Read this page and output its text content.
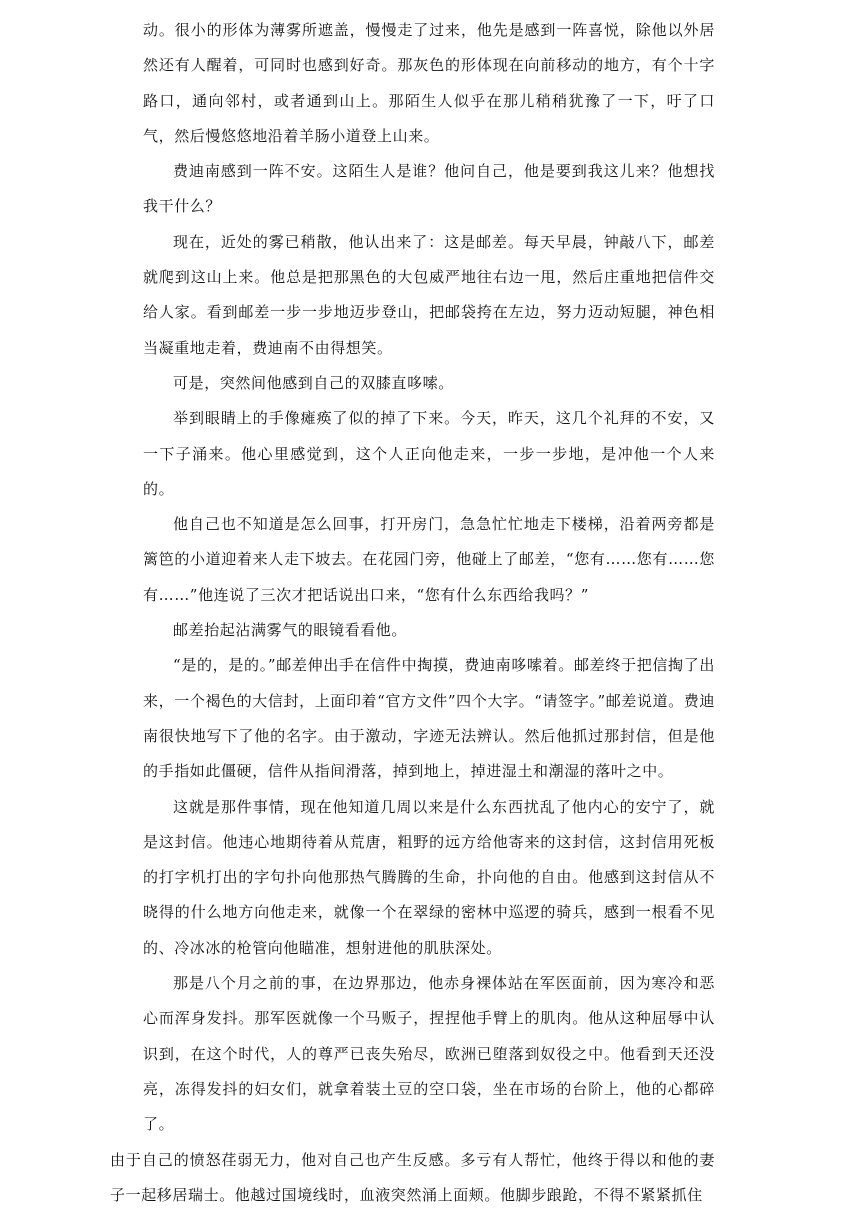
动。很小的形体为薄雾所遮盖，慢慢走了过来，他先是感到一阵喜悦，除他以外居然还有人醒着，可同时也感到好奇。那灰色的形体现在向前移动的地方，有个十字路口，通向邻村，或者通到山上。那陌生人似乎在那儿稍稍犹豫了一下，吁了口气，然后慢悠悠地沿着羊肠小道登上山来。

费迪南感到一阵不安。这陌生人是谁？他问自己，他是要到我这儿来？他想找我干什么？

现在，近处的雾已稍散，他认出来了：这是邮差。每天早晨，钟敲八下，邮差就爬到这山上来。他总是把那黑色的大包威严地往右边一甩，然后庄重地把信件交给人家。看到邮差一步一步地迈步登山，把邮袋挎在左边，努力迈动短腿，神色相当凝重地走着，费迪南不由得想笑。

可是，突然间他感到自己的双膝直哆嗦。

举到眼睛上的手像瘫痪了似的掉了下来。今天，昨天，这几个礼拜的不安，又一下子涌来。他心里感觉到，这个人正向他走来，一步一步地，是冲他一个人来的。

他自己也不知道是怎么回事，打开房门，急急忙忙地走下楼梯，沿着两旁都是篱笆的小道迎着来人走下坡去。在花园门旁，他碰上了邮差，“您有……您有……您有……”他连说了三次才把话说出口来，“您有什么东西给我吗？”

邮差抬起沾满雾气的眼镜看看他。

“是的，是的。”邮差伸出手在信件中掏摸，费迪南哆嗦着。邮差终于把信掏了出来，一个褐色的大信封，上面印着“官方文件”四个大字。“请签字。”邮差说道。费迪南很快地写下了他的名字。由于激动，字迹无法辨认。然后他抓过那封信，但是他的手指如此僵硬，信件从指间滑落，掉到地上，掉进湿土和潮湿的落叶之中。

这就是那件事情，现在他知道几周以来是什么东西扰乱了他内心的安宁了，就是这封信。他违心地期待着从荒唐，粗野的远方给他寄来的这封信，这封信用死板的打字机打出的字句扑向他那热气腾腾的生命，扑向他的自由。他感到这封信从不晓得的什么地方向他走来，就像一个在翠绿的密林中巡逻的骑兵，感到一根看不见的、冷冰冰的枪管向他瞄准，想射进他的肌肤深处。

那是八个月之前的事，在边界那边，他赤身裸体站在军医面前，因为寒冷和恶心而浑身发抖。那军医就像一个马贩子，捏捏他手臂上的肌肉。他从这种屈辱中认识到，在这个时代，人的尊严已丧失殆尽，欧洲已堕落到奴役之中。他看到天还没亮，冻得发抖的妇女们，就拿着装土豆的空口袋，坐在市场的台阶上，他的心都碎了。

由于自己的愤怒荏弱无力，他对自己也产生反感。多亏有人帮忙，他终于得以和他的妻子一起移居瑞士。他越过国境线时，血液突然涌上面颊。他脚步踉跄，不得不紧紧抓住
